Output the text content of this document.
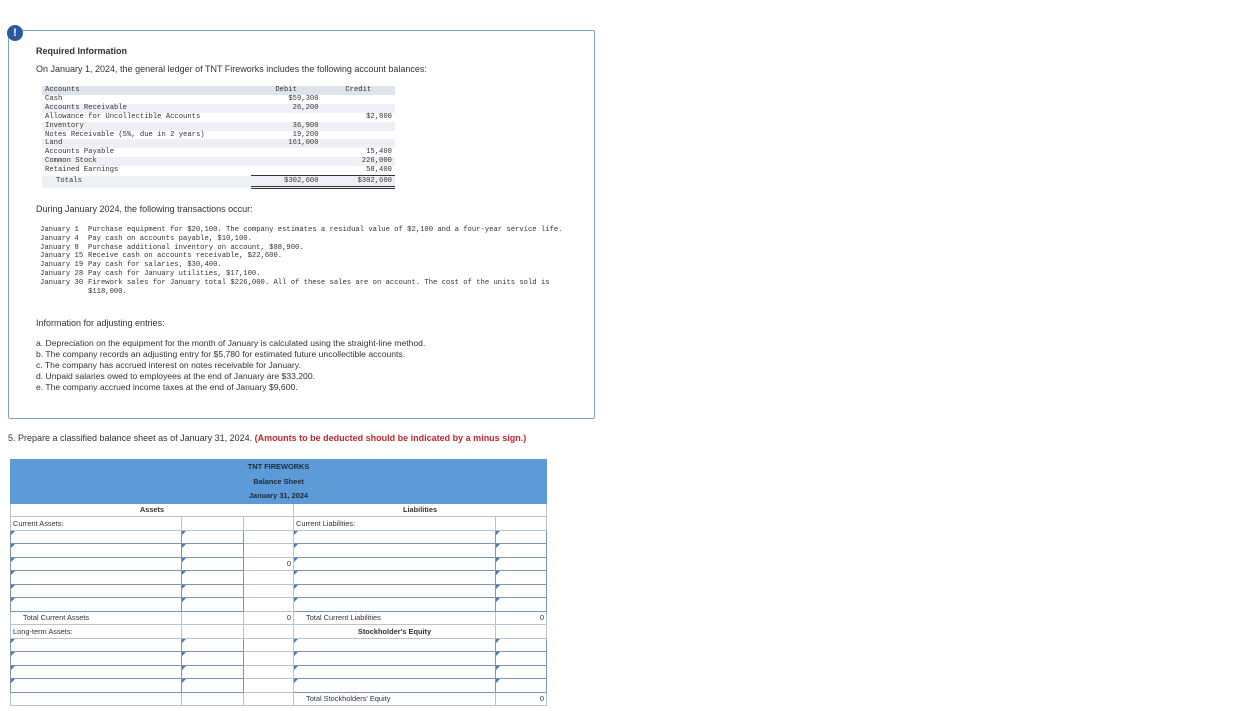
!
Required Information
On January 1, 2024, the general ledger of TNT Fireworks includes the following account balances:
Accounts	Debit	Credit
Cash	$59,300	
Accounts Receivable	26,200	
Allowance for Uncollectible Accounts		$2,800
Inventory	36,900	
Notes Receivable (5%, due in 2 years)	19,200	
Land	161,000	
Accounts Payable		15,400
Common Stock		226,000
Retained Earnings		58,400
Totals	$302,600	$302,600
During January 2024, the following transactions occur:
January 1	Purchase equipment for $20,100. The company estimates a residual value of $2,100 and a four-year service life.
January 4	Pay cash on accounts payable, $10,100.
January 8	Purchase additional inventory on account, $88,900.
January 15 Receive cash on accounts receivable, $22,600.
January 19 Pay cash for salaries, $30,400.
January 28 Pay cash for January utilities, $17,100.
January 30 Firework sales for January total $226,000. All of these sales are on account. The cost of the units sold is $118,000.
Information for adjusting entries:
a. Depreciation on the equipment for the month of January is calculated using the straight-line method.
b. The company records an adjusting entry for $5,780 for estimated future uncollectible accounts.
c. The company has accrued interest on notes receivable for January.
d. Unpaid salaries owed to employees at the end of January are $33,200.
e. The company accrued income taxes at the end of January $9,600.
5. Prepare a classified balance sheet as of January 31, 2024. (Amounts to be deducted should be indicated by a minus sign.)
TNT FIREWORKS				
Balance Sheet				
January 31, 2024				
Assets			Liabilities	
Current Assets:			Current Liabilities:	

		0		

Total Current Assets		0	Total Current Liabilities	0
Long-term Assets:			Stockholder's Equity	

			Total Stockholders' Equity	0
